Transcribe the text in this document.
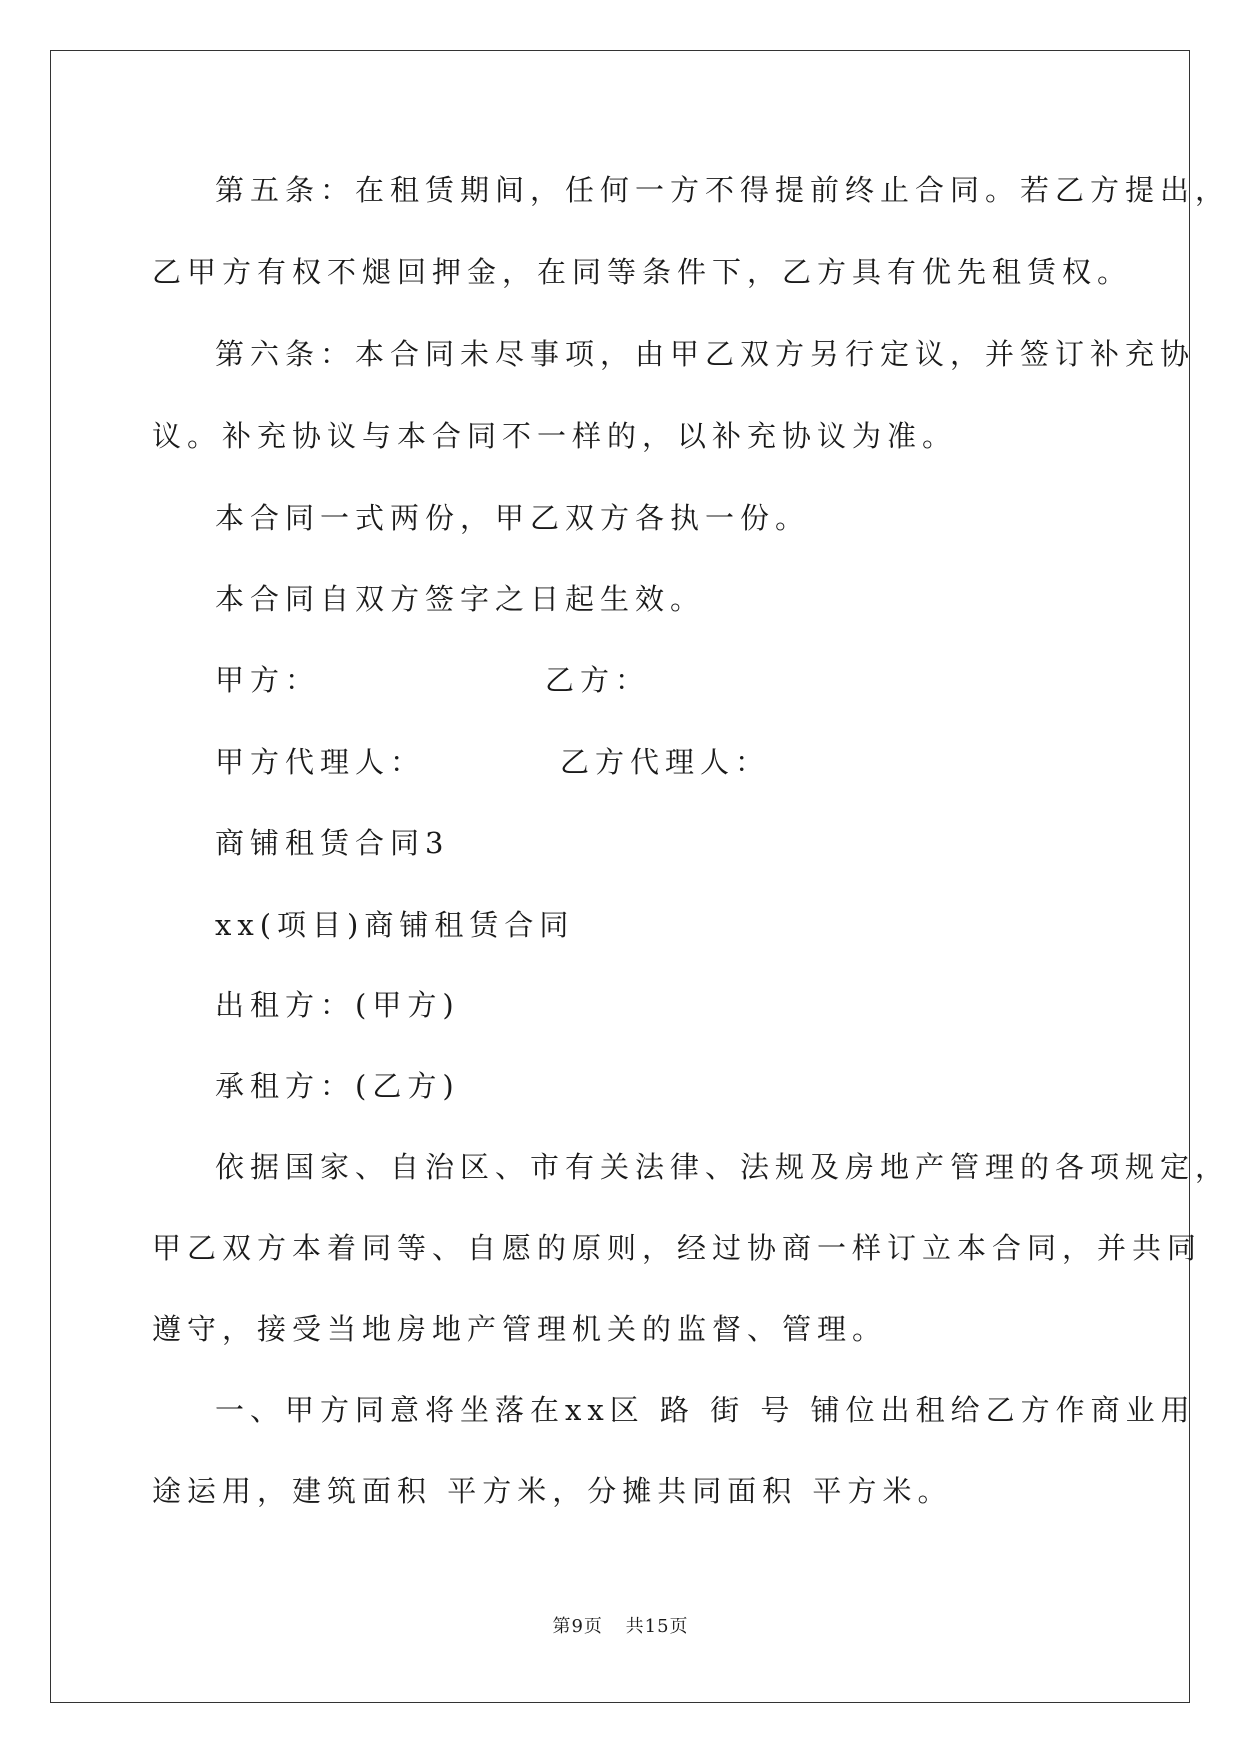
第五条：在租赁期间，任何一方不得提前终止合同。若乙方提出，
乙甲方有权不煺回押金，在同等条件下，乙方具有优先租赁权。
第六条：本合同未尽事项，由甲乙双方另行定议，并签订补充协
议。补充协议与本合同不一样的，以补充协议为准。
本合同一式两份，甲乙双方各执一份。
本合同自双方签字之日起生效。
甲方：	乙方：
甲方代理人：	乙方代理人：
商铺租赁合同3
xx(项目)商铺租赁合同
出租方：(甲方)
承租方：(乙方)
依据国家、自治区、市有关法律、法规及房地产管理的各项规定，
甲乙双方本着同等、自愿的原则，经过协商一样订立本合同，并共同
遵守，接受当地房地产管理机关的监督、管理。
一、甲方同意将坐落在xx区 路 街 号 铺位出租给乙方作商业用
途运用，建筑面积 平方米，分摊共同面积 平方米。
第9页 共15页
